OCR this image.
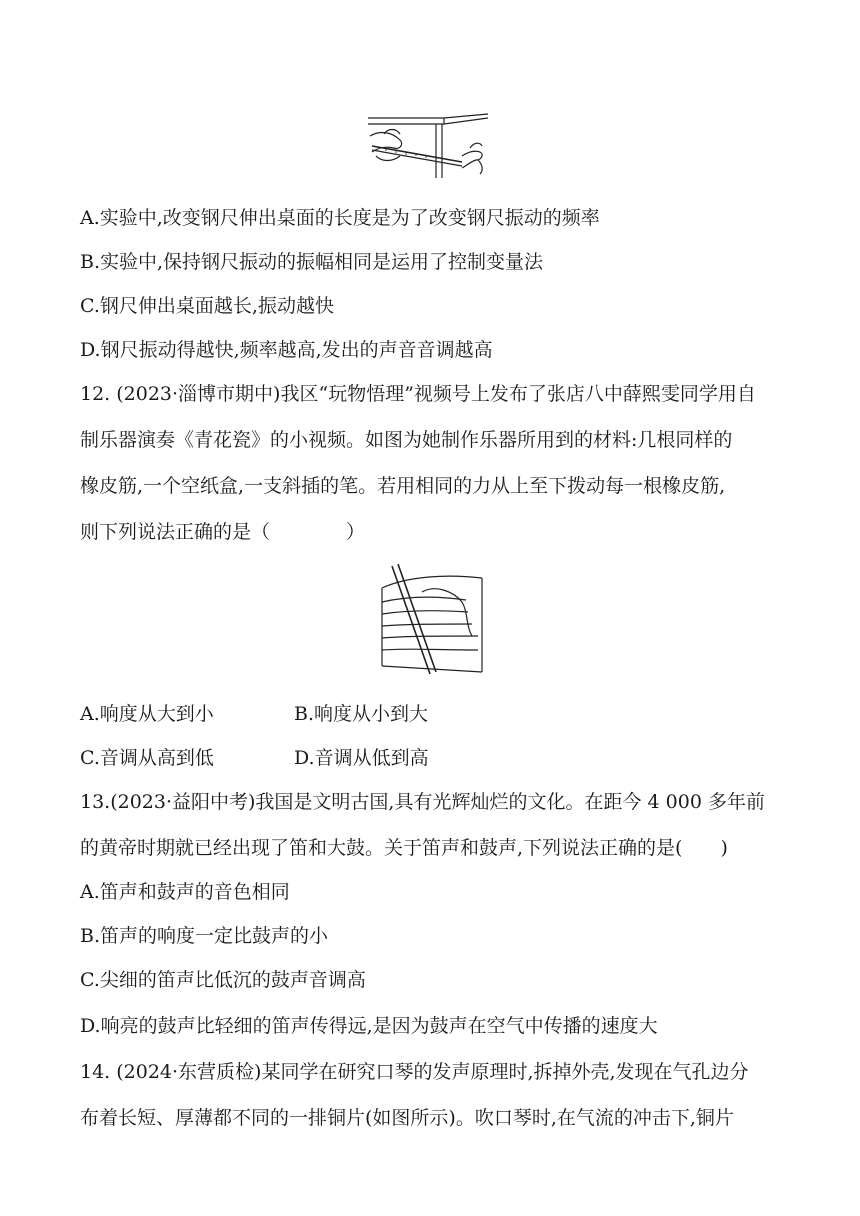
A.实验中,改变钢尺伸出桌面的长度是为了改变钢尺振动的频率
B.实验中,保持钢尺振动的振幅相同是运用了控制变量法
C.钢尺伸出桌面越长,振动越快
D.钢尺振动得越快,频率越高,发出的声音音调越高
12. (2023·淄博市期中)我区“玩物悟理”视频号上发布了张店八中薛熙雯同学用自
制乐器演奏《青花瓷》的小视频。如图为她制作乐器所用到的材料:几根同样的
橡皮筋,一个空纸盒,一支斜插的笔。若用相同的力从上至下拨动每一根橡皮筋,
则下列说法正确的是（　　　　）
A.响度从大到小	B.响度从小到大
C.音调从高到低	D.音调从低到高
13.(2023·益阳中考)我国是文明古国,具有光辉灿烂的文化。在距今 4 000 多年前
的黄帝时期就已经出现了笛和大鼓。关于笛声和鼓声,下列说法正确的是(　　)
A.笛声和鼓声的音色相同
B.笛声的响度一定比鼓声的小
C.尖细的笛声比低沉的鼓声音调高
D.响亮的鼓声比轻细的笛声传得远,是因为鼓声在空气中传播的速度大
14. (2024·东营质检)某同学在研究口琴的发声原理时,拆掉外壳,发现在气孔边分
布着长短、厚薄都不同的一排铜片(如图所示)。吹口琴时,在气流的冲击下,铜片
